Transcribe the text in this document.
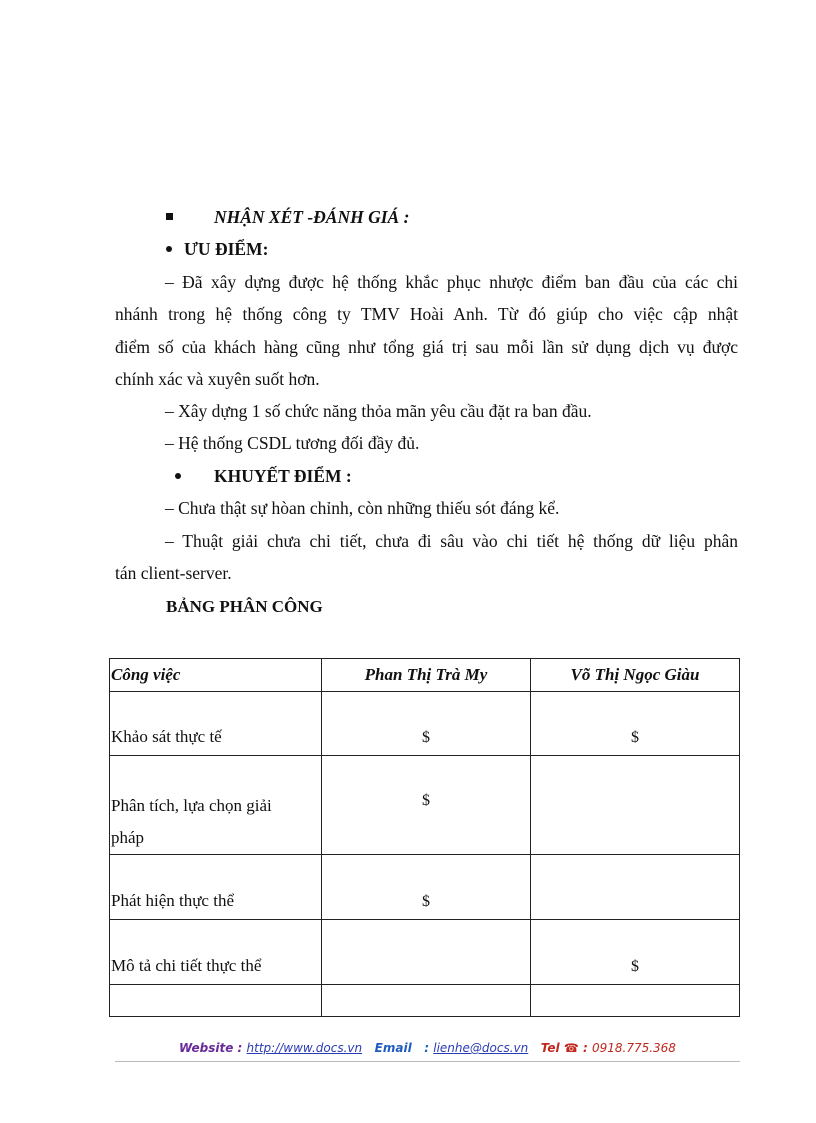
NHẬN XÉT -ĐÁNH GIÁ :
ƯU ĐIỂM:
– Đã xây dựng được hệ thống khắc phục nhược điểm ban đầu của các chi
nhánh trong hệ thống công ty TMV Hoài Anh. Từ đó giúp cho việc cập nhật
điểm số của khách hàng cũng như tổng giá trị sau mỗi lần sử dụng dịch vụ được
chính xác và xuyên suốt hơn.
– Xây dựng 1 số chức năng thỏa mãn yêu cầu đặt ra ban đầu.
– Hệ thống CSDL tương đối đầy đủ.
KHUYẾT ĐIỂM :
– Chưa thật sự hòan chỉnh, còn những thiếu sót đáng kể.
– Thuật giải chưa chi tiết, chưa đi sâu vào chi tiết hệ thống dữ liệu phân
tán client-server.
BẢNG PHÂN CÔNG
Công việc	Phan Thị Trà My	Võ Thị Ngọc Giàu
Khảo sát thực tế	$	$
Phân tích, lựa chọn giải
pháp	$	
Phát hiện thực thể	$	
Mô tả chi tiết thực thể		$

Website : http://www.docs.vn Email : lienhe@docs.vn Tel ☎ : 0918.775.368
